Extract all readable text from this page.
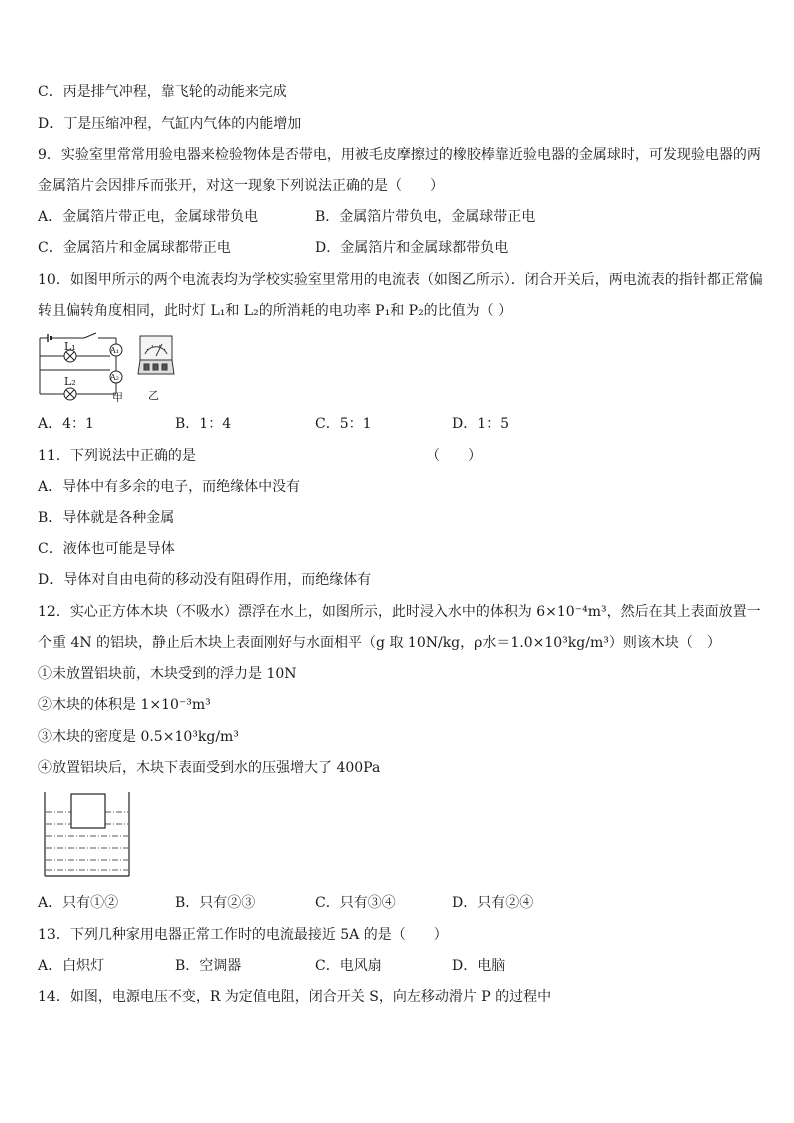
C．丙是排气冲程，靠飞轮的动能来完成
D．丁是压缩冲程，气缸内气体的内能增加
9．实验室里常常用验电器来检验物体是否带电，用被毛皮摩擦过的橡胶棒靠近验电器的金属球时，可发现验电器的两
金属箔片会因排斥而张开，对这一现象下列说法正确的是（　　）
A．金属箔片带正电，金属球带负电	B．金属箔片带负电，金属球带正电
C．金属箔片和金属球都带正电	D．金属箔片和金属球都带负电
10．如图甲所示的两个电流表均为学校实验室里常用的电流表（如图乙所示）．闭合开关后，两电流表的指针都正常偏
转且偏转角度相同，此时灯 L₁和 L₂的所消耗的电功率 P₁和 P₂的比值为（ ）
L₁
L₂
A₁
A₂
甲 乙
A．4：1	B．1：4	C．5：1	D．1：5
11．下列说法中正确的是	（　　）
A．导体中有多余的电子，而绝缘体中没有
B．导体就是各种金属
C．液体也可能是导体
D．导体对自由电荷的移动没有阻碍作用，而绝缘体有
12．实心正方体木块（不吸水）漂浮在水上，如图所示，此时浸入水中的体积为 6×10⁻⁴m³，然后在其上表面放置一
个重 4N 的铝块，静止后木块上表面刚好与水面相平（g 取 10N/kg，ρ水＝1.0×10³kg/m³）则该木块（　）
①未放置铝块前，木块受到的浮力是 10N
②木块的体积是 1×10⁻³m³
③木块的密度是 0.5×10³kg/m³
④放置铝块后，木块下表面受到水的压强增大了 400Pa
A．只有①②	B．只有②③	C．只有③④	D．只有②④
13．下列几种家用电器正常工作时的电流最接近 5A 的是（　　）
A．白炽灯	B．空调器	C．电风扇	D．电脑
14．如图，电源电压不变，R 为定值电阻，闭合开关 S，向左移动滑片 P 的过程中
